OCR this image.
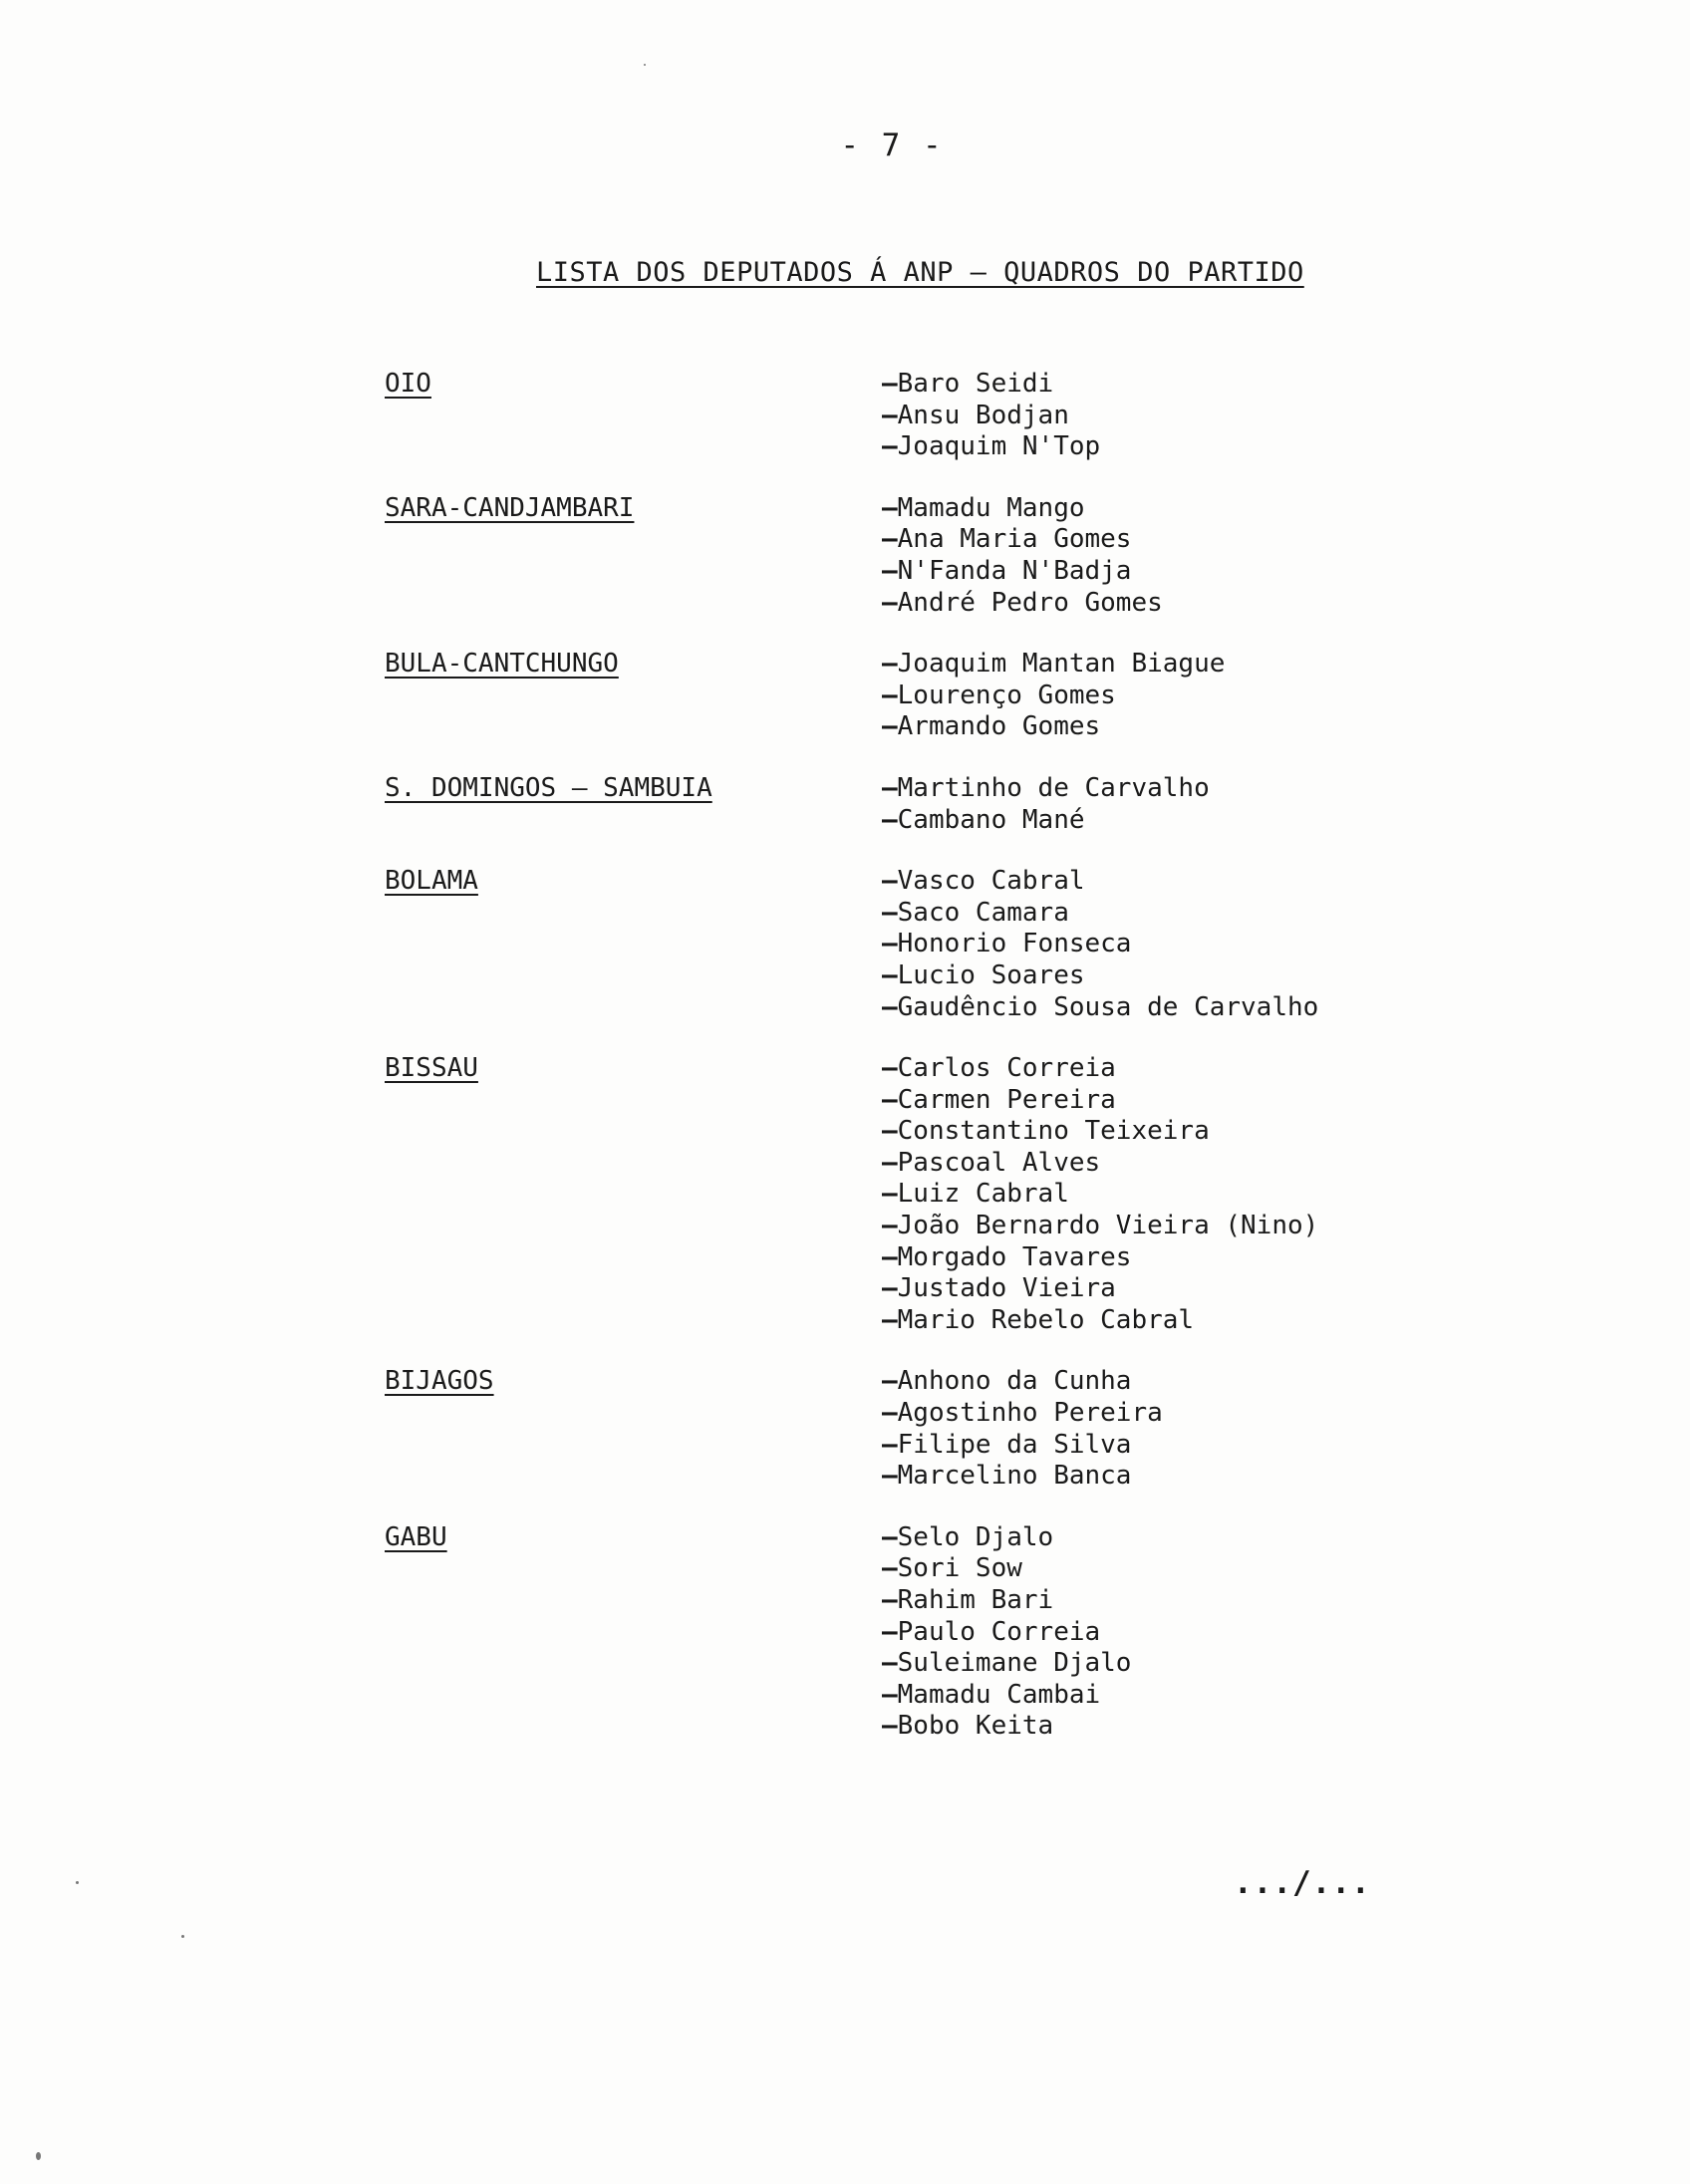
- 7 -
LISTA DOS DEPUTADOS Á ANP – QUADROS DO PARTIDO
OIO	– Baro Seidi
– Ansu Bodjan
– Joaquim N'Top
SARA-CANDJAMBARI	– Mamadu Mango
– Ana Maria Gomes
– N'Fanda N'Badja
– André Pedro Gomes
BULA-CANTCHUNGO	– Joaquim Mantan Biague
– Lourenço Gomes
– Armando Gomes
S. DOMINGOS – SAMBUIA	– Martinho de Carvalho
– Cambano Mané
BOLAMA	– Vasco Cabral
– Saco Camara
– Honorio Fonseca
– Lucio Soares
– Gaudêncio Sousa de Carvalho
BISSAU	– Carlos Correia
– Carmen Pereira
– Constantino Teixeira
– Pascoal Alves
– Luiz Cabral
– João Bernardo Vieira (Nino)
– Morgado Tavares
– Justado Vieira
– Mario Rebelo Cabral
BIJAGOS	– Anhono da Cunha
– Agostinho Pereira
– Filipe da Silva
– Marcelino Banca
GABU	– Selo Djalo
– Sori Sow
– Rahim Bari
– Paulo Correia
– Suleimane Djalo
– Mamadu Cambai
– Bobo Keita
.../...
